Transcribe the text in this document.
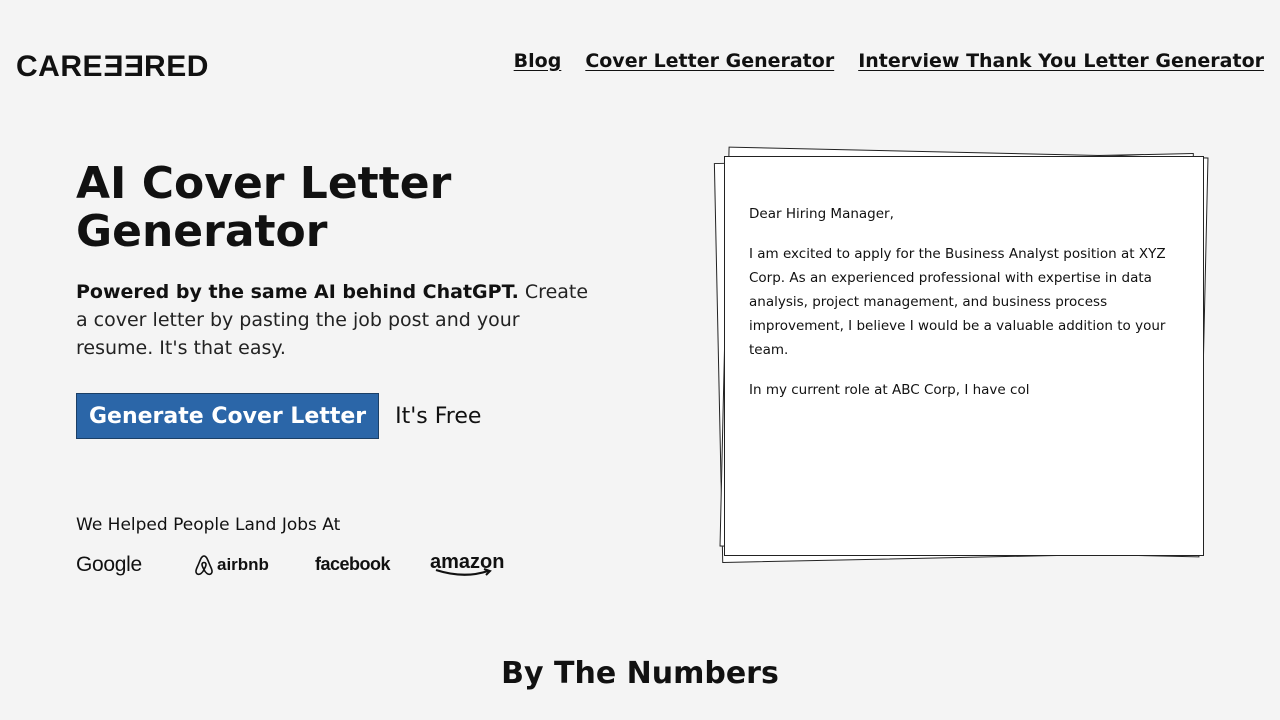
CAREEERED	Blog Cover Letter Generator Interview Thank You Letter Generator
AI Cover Letter Generator

Powered by the same AI behind ChatGPT. Create a cover letter by pasting the job post and your resume. It's that easy.

Generate Cover Letter	It's Free
We Helped People Land Jobs At
Google	airbnb	facebook amazon

Dear Hiring Manager,

I am excited to apply for the Business Analyst position at XYZ Corp. As an experienced professional with expertise in data analysis, project management, and business process improvement, I believe I would be a valuable addition to your team.

In my current role at ABC Corp, I have col

By The Numbers
